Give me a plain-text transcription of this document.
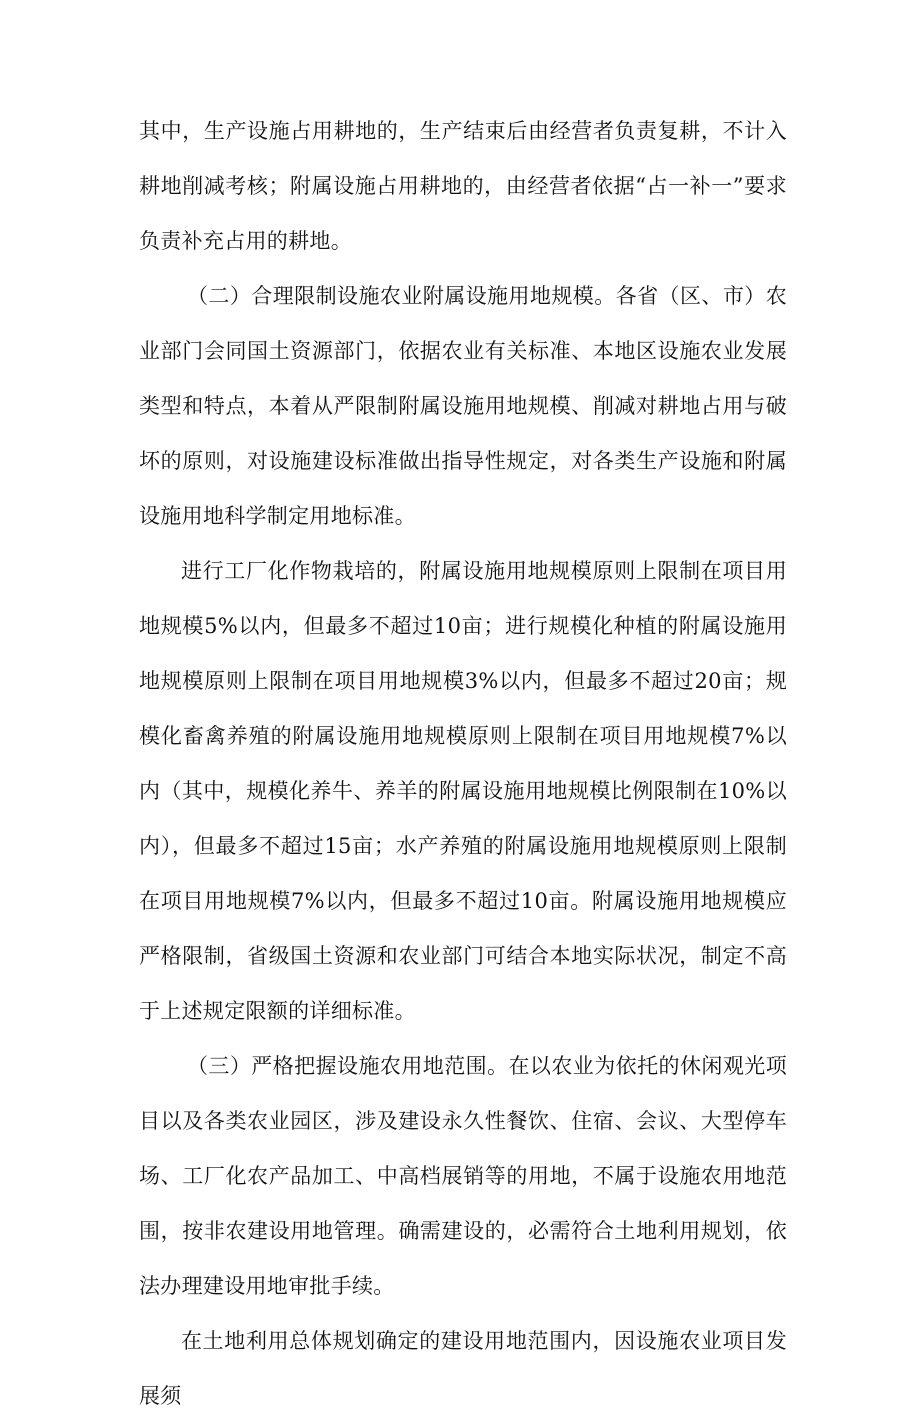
其中，生产设施占用耕地的，生产结束后由经营者负责复耕，不计入耕地削减考核；附属设施占用耕地的，由经营者依据“占一补一”要求负责补充占用的耕地。

（二）合理限制设施农业附属设施用地规模。各省（区、市）农业部门会同国土资源部门，依据农业有关标准、本地区设施农业发展类型和特点，本着从严限制附属设施用地规模、削减对耕地占用与破坏的原则，对设施建设标准做出指导性规定，对各类生产设施和附属设施用地科学制定用地标准。

进行工厂化作物栽培的，附属设施用地规模原则上限制在项目用地规模5%以内，但最多不超过10亩；进行规模化种植的附属设施用地规模原则上限制在项目用地规模3%以内，但最多不超过20亩；规模化畜禽养殖的附属设施用地规模原则上限制在项目用地规模7%以内（其中，规模化养牛、养羊的附属设施用地规模比例限制在10%以内），但最多不超过15亩；水产养殖的附属设施用地规模原则上限制在项目用地规模7%以内，但最多不超过10亩。附属设施用地规模应严格限制，省级国土资源和农业部门可结合本地实际状况，制定不高于上述规定限额的详细标准。

（三）严格把握设施农用地范围。在以农业为依托的休闲观光项目以及各类农业园区，涉及建设永久性餐饮、住宿、会议、大型停车场、工厂化农产品加工、中高档展销等的用地，不属于设施农用地范围，按非农建设用地管理。确需建设的，必需符合土地利用规划，依法办理建设用地审批手续。

在土地利用总体规划确定的建设用地范围内，因设施农业项目发展须
